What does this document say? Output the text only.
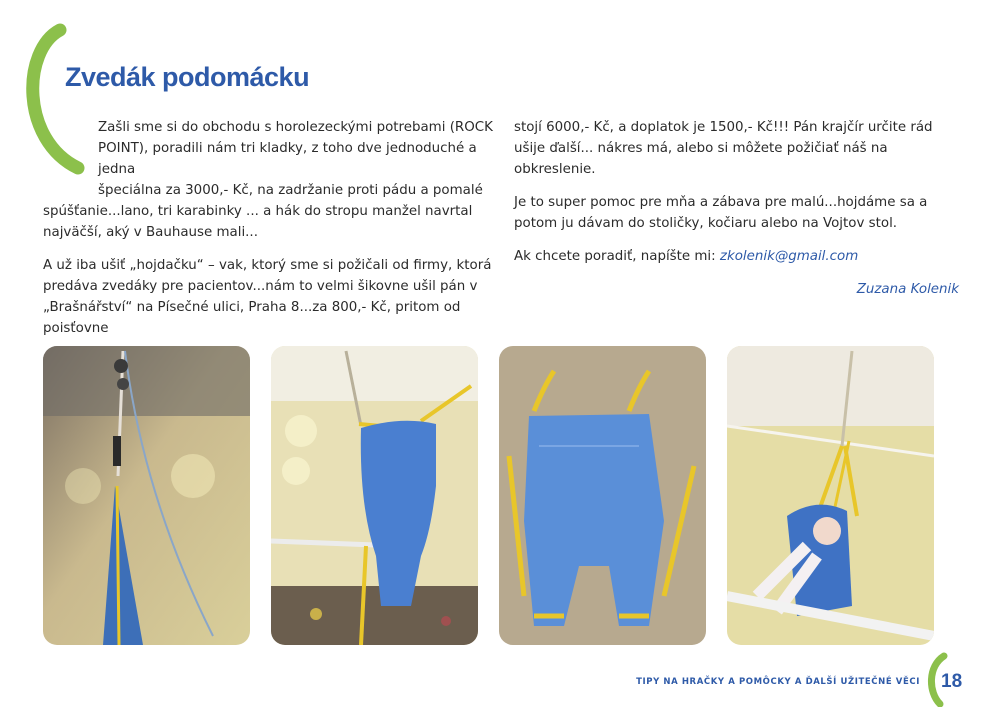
Zvedák podomácku

Zašli sme si do obchodu s horolezeckými potrebami (ROCK
POINT), poradili nám tri kladky, z toho dve jednoduché a jedna
špeciálna za 3000,- Kč, na zadržanie proti pádu a pomalé
spúšťanie...lano, tri karabinky ... a hák do stropu manžel navrtal najväčší, aký v Bauhause mali...

A už iba ušiť „hojdačku“ – vak, ktorý sme si požičali od firmy, ktorá predáva zvedáky pre pacientov...nám to velmi šikovne ušil pán v „Brašnářství“ na Písečné ulici, Praha 8...za 800,- Kč, pritom od poisťovne

stojí 6000,- Kč, a doplatok je 1500,- Kč!!! Pán krajčír určite rád ušije ďalší... nákres má, alebo si môžete požičiať náš na obkreslenie.

Je to super pomoc pre mňa a zábava pre malú...hojdáme sa a potom ju dávam do stoličky, kočiaru alebo na Vojtov stol.

Ak chcete poradiť, napíšte mi: zkolenik@gmail.com

Zuzana Kolenik

TIPY NA HRAČKY A POMÔCKY A ĎALŠÍ UŽITEČNÉ VĚCI 18
